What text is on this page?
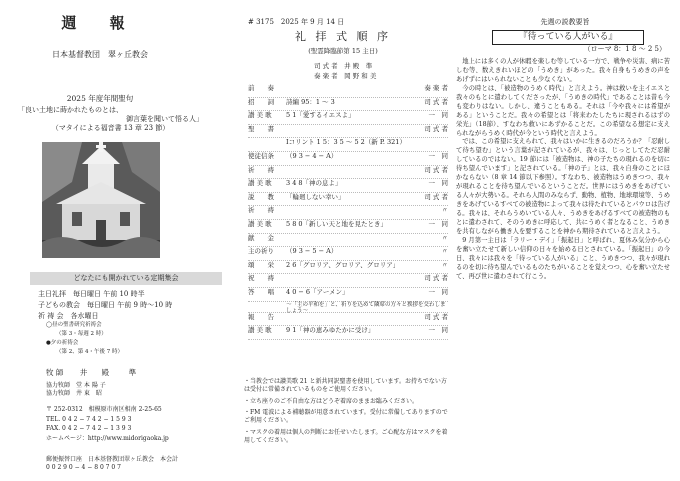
週 報
日本基督教団　翠ヶ丘教会
2025 年度年間聖句
「良い土地に蒔かれたものとは、
御言葉を聞いて悟る人」
（マタイによる福音書 13 章 23 節）
どなたにも開かれている定期集会
主日礼拝　毎日曜日 午前 10 時半
子どもの教会　毎日曜日 午前 9 時〜10 時
祈 祷 会　各水曜日
◯昼の聖書研究祈祷会
（第 3・毎週 2 時）
●夕の祈祷会
（第 2、第 4・午後 7 時）
牧 師 井 殿　準
協力牧師　堂 本 陽 子
協力牧師　井 東　昭
〒 252-0312　相模原市南区相南 2-25-65
TEL. 0 4 2 − 7 4 2 − 1 5 9 3
FAX. 0 4 2 − 7 4 2 − 1 3 9 3
ホームページ：http://www.midorigaoka.jp
郵便振替口座　日本基督教団翠ヶ丘教会　本会計
0 0 2 9 0 − 4 − 8 0 7 0 7
# 3175　2025 年 9 月 14 日
礼 拝 式 順 序
(聖霊降臨節第 15 主日)
司 式 者　井 殿　準
奏 楽 者　岡 野 和 美
前　　奏	奏 楽 者
招　　詞	詩編 95：1 〜 3	司 式 者
讃 美 歌	5 1「愛するイエスよ」	一　同
聖　　書	司 式 者
Ⅰコリント 1 5：3 5 〜 5 2（新 P. 321）
使徒信条	（9 3 − 4 − A）	一　同
祈　　祷	司 式 者
讃 美 歌	3 4 8「神の息よ」	一　同
説　　教	「輪廻しない幸い」	司 式 者
祈　　祷	〃
讃 美 歌	5 8 0「新しい天と地を見たとき」	一　同
献　　金	〃
主の祈り	（9 3 − 5 − A）	〃
頌　　栄	2 6「グロリア、グロリア、グロリア」	〃
祝　　祷	司 式 者
答　　唱	4 0 − 6「アーメン」	一　同
〜「主の平和を」と、祈りを込めて隣席の方々と挨拶を交わしましょう〜
報　　告	司 式 者
讃 美 歌	9 1「神の恵みゆたかに受け」	一　同
・当教会では讃美歌 21 と新共同訳聖書を使用しています。お持ちでない方は受付に常備されているものをご使用ください。
・立ち座りのご不自由な方はどうぞ着席のままお臨みください。
・FM 電波による補聴器が用意されています。受付に常備してありますのでご利用ください。
・マスクの着用は個人の判断にお任せいたします。ご心配な方はマスクを着用してください。
先週の説教要旨
『待っている人がいる』
（ローマ 8：1 8 〜 2 5）

地上には多くの人が休暇を楽しむ等している一方で、戦争や災害、病に苦しむ等、数えきれいほどの「うめき」があった。我々自身もうめきの声をあげずにはいられないことも少なくない。

今の時とは、「被造物のうめく時代」と言えよう。神は救いを主イエスと我々のもとに遣わしてくださったが、「うめきの時代」であることは昔も今も変わりはない。しかし、違うこともある。それは「今や我々には希望がある」ということだ。我々の希望とは「将来わたしたちに現されるはずの栄光」（18節）、すなわち救いにあずかることだ。この希望なる想定に支えられながらうめく時代が今という時代と言えよう。

では、この希望に支えられて、我々はいかに生きるのだろうか？「忍耐して待ち望む」という言葉が記されているが、我々は、じっとしてただ忍耐しているのではない。19 節には「被造物は、神の子たちの現れるのを切に待ち望んでいます」と記されている。「神の子」とは、我々自身のことにほかならない（8 章 14 節以下参照）。すなわち、被造物はうめきつつ、我々が現れることを待ち望んでいるということだ。世界にはうめきをあげている人々が大勢いる。それら人間のみならず、動物、植物、地球環境等、うめきをあげているすべての被造物によって我々は待たれているとパウロは告げる。我々は、それらうめいている人々、うめきをあげるすべての被造物のもとに遣わされて、そのうめきに呼応して、共にうめく者となること、うめきを共有しながら働き人を要することを神から期待されていると言えよう。

9 月第一主日は「ラリー・デイ」「振起日」と呼ばれ、夏休み気分から心を奮い立たせて新しい信仰の日々を始める日とされている。「振起日」の今日、我々には我々を「待っている人がいる」こと、うめきつつ、我々が現れるのを切に待ち望んでいるものたちがいることを覚えつつ、心を奮い立たせて、再び世に遣わされて行こう。
